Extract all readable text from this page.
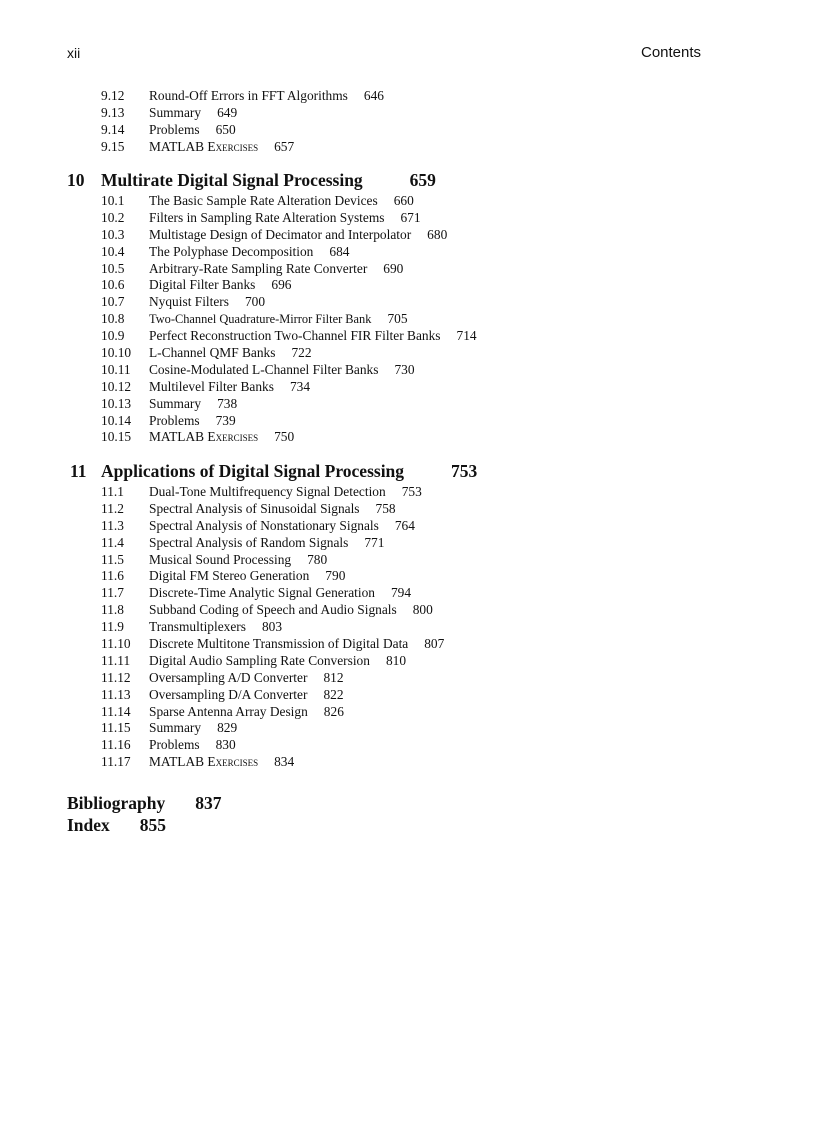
xii	Contents
9.12	Round-Off Errors in FFT Algorithms 646
9.13	Summary 649
9.14	Problems 650
9.15	MATLAB Exercises 657
10 Multirate Digital Signal Processing	659
10.1	The Basic Sample Rate Alteration Devices 660
10.2	Filters in Sampling Rate Alteration Systems 671
10.3	Multistage Design of Decimator and Interpolator 680
10.4	The Polyphase Decomposition 684
10.5	Arbitrary-Rate Sampling Rate Converter 690
10.6	Digital Filter Banks 696
10.7	Nyquist Filters 700
10.8	Two-Channel Quadrature-Mirror Filter Bank 705
10.9	Perfect Reconstruction Two-Channel FIR Filter Banks 714
10.10	L-Channel QMF Banks 722
10.11	Cosine-Modulated L-Channel Filter Banks 730
10.12	Multilevel Filter Banks 734
10.13	Summary 738
10.14	Problems 739
10.15	MATLAB Exercises 750
11 Applications of Digital Signal Processing	753
11.1	Dual-Tone Multifrequency Signal Detection 753
11.2	Spectral Analysis of Sinusoidal Signals 758
11.3	Spectral Analysis of Nonstationary Signals 764
11.4	Spectral Analysis of Random Signals 771
11.5	Musical Sound Processing 780
11.6	Digital FM Stereo Generation 790
11.7	Discrete-Time Analytic Signal Generation 794
11.8	Subband Coding of Speech and Audio Signals 800
11.9	Transmultiplexers 803
11.10	Discrete Multitone Transmission of Digital Data 807
11.11	Digital Audio Sampling Rate Conversion 810
11.12	Oversampling A/D Converter 812
11.13	Oversampling D/A Converter 822
11.14	Sparse Antenna Array Design 826
11.15	Summary 829
11.16	Problems 830
11.17	MATLAB Exercises 834
Bibliography 837
Index 855
